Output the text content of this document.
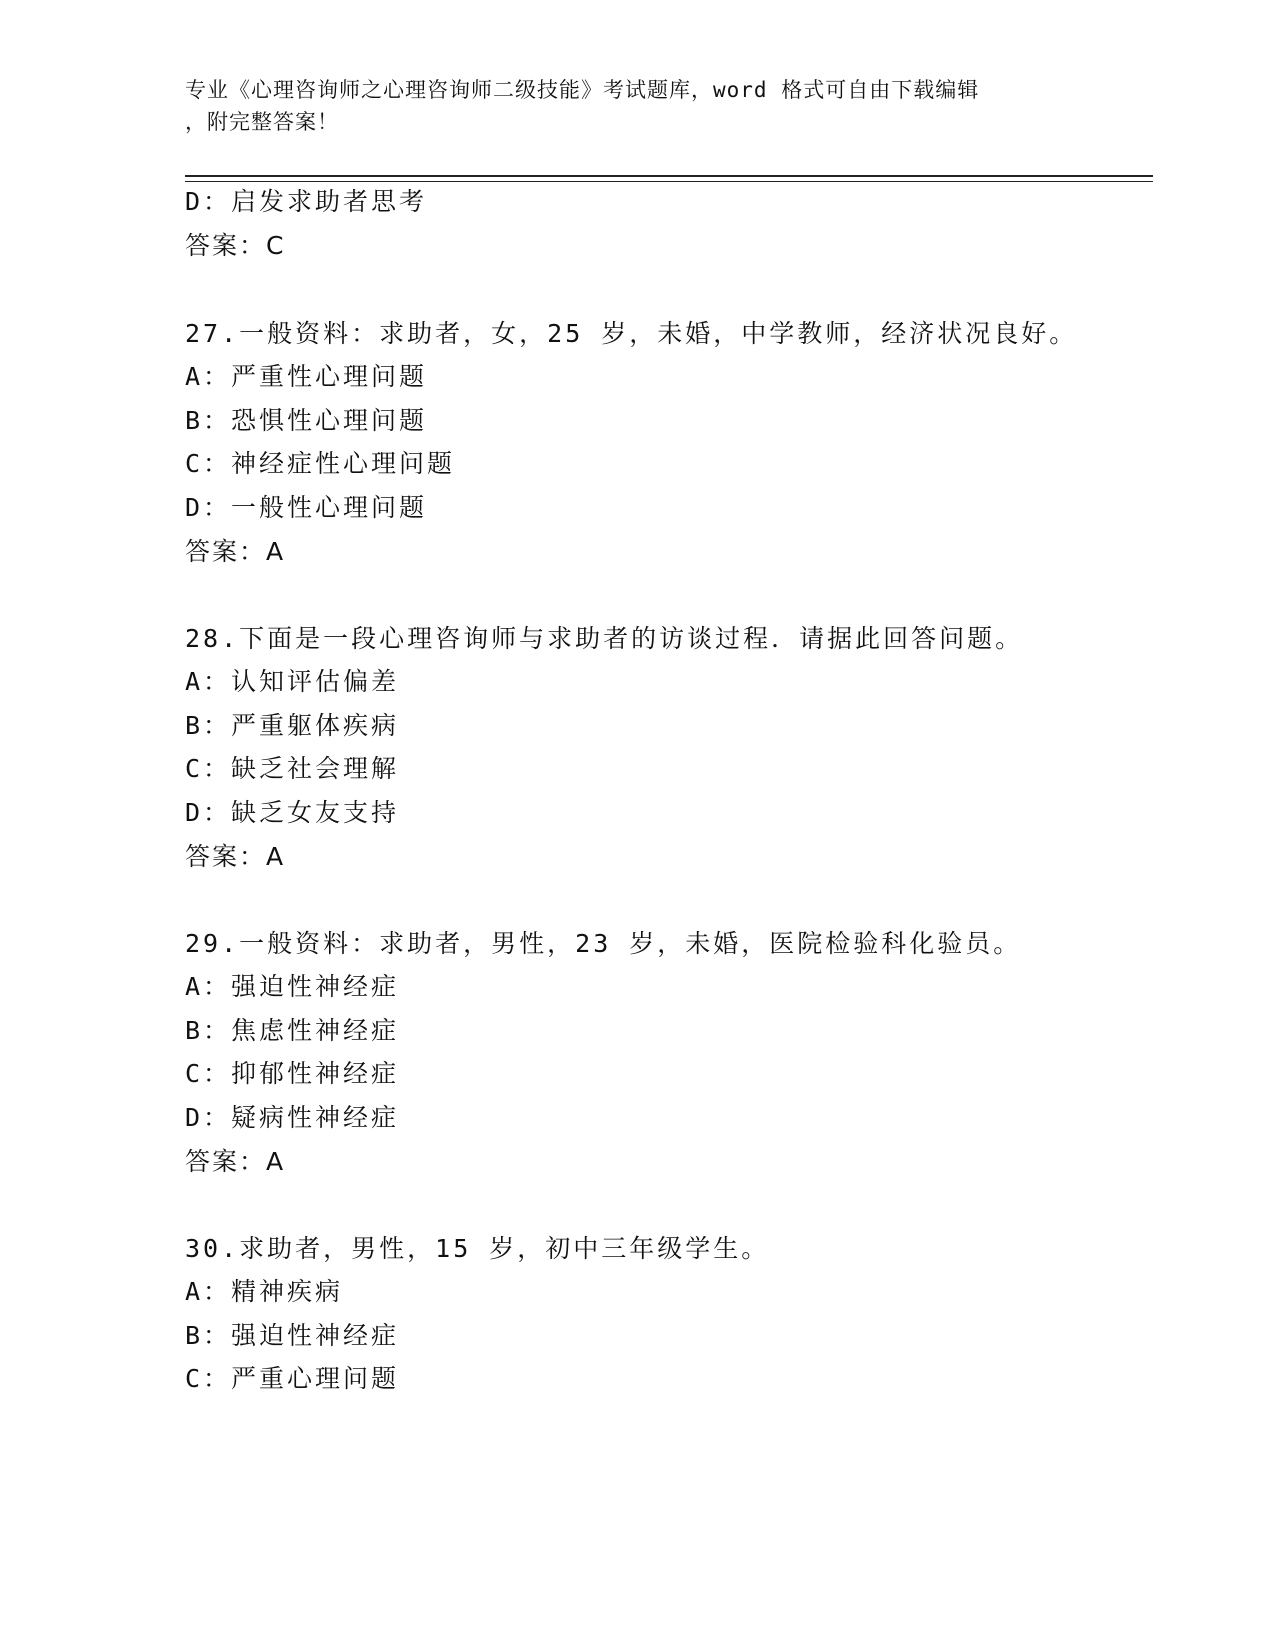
专业《心理咨询师之心理咨询师二级技能》考试题库，word 格式可自由下载编辑
，附完整答案！
D：启发求助者思考
答案：C
27.一般资料：求助者，女，25 岁，未婚，中学教师，经济状况良好。
A：严重性心理问题
B：恐惧性心理问题
C：神经症性心理问题
D：一般性心理问题
答案：A
28.下面是一段心理咨询师与求助者的访谈过程．请据此回答问题。
A：认知评估偏差
B：严重躯体疾病
C：缺乏社会理解
D：缺乏女友支持
答案：A
29.一般资料：求助者，男性，23 岁，未婚，医院检验科化验员。
A：强迫性神经症
B：焦虑性神经症
C：抑郁性神经症
D：疑病性神经症
答案：A
30.求助者，男性，15 岁，初中三年级学生。
A：精神疾病
B：强迫性神经症
C：严重心理问题
